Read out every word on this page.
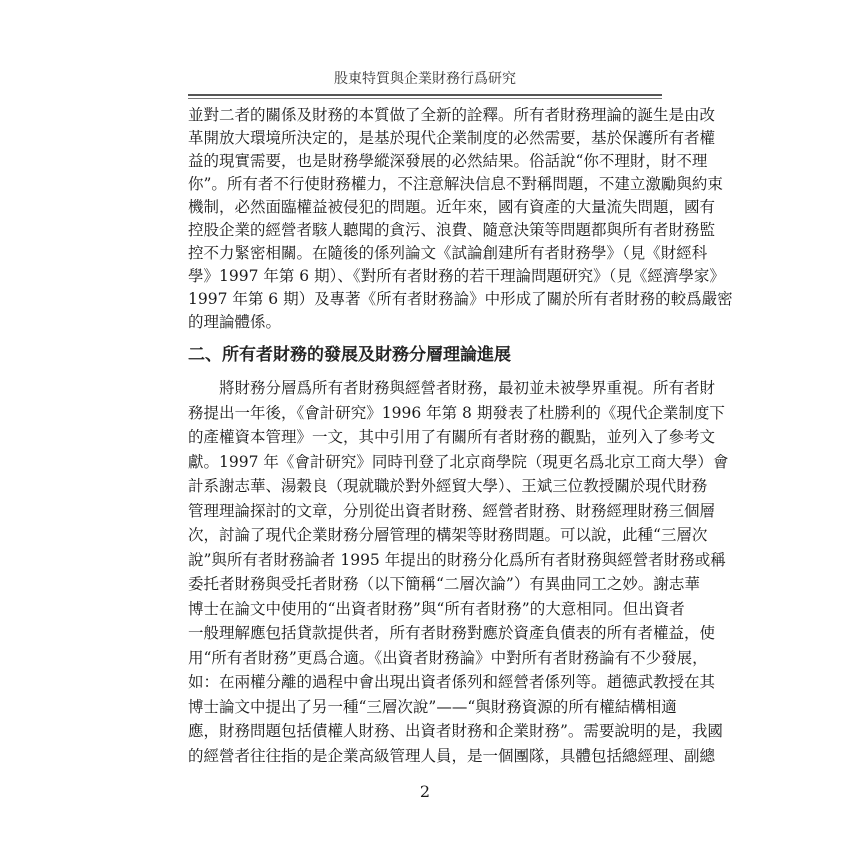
股東特質與企業財務行爲研究
並對二者的關係及財務的本質做了全新的詮釋。所有者財務理論的誕生是由改
革開放大環境所決定的，是基於現代企業制度的必然需要，基於保護所有者權
益的現實需要，也是財務學縱深發展的必然結果。俗話說“你不理財，財不理
你”。所有者不行使財務權力，不注意解決信息不對稱問題，不建立激勵與約束
機制，必然面臨權益被侵犯的問題。近年來，國有資產的大量流失問題，國有
控股企業的經營者駭人聽聞的貪污、浪費、隨意決策等問題都與所有者財務監
控不力緊密相關。在隨後的係列論文《試論創建所有者財務學》（見《財經科
學》1997 年第 6 期）、《對所有者財務的若干理論問題研究》（見《經濟學家》
1997 年第 6 期）及專著《所有者財務論》中形成了關於所有者財務的較爲嚴密
的理論體係。
二、所有者財務的發展及財務分層理論進展
將財務分層爲所有者財務與經營者財務，最初並未被學界重視。所有者財
務提出一年後，《會計研究》1996 年第 8 期發表了杜勝利的《現代企業制度下
的產權資本管理》一文，其中引用了有關所有者財務的觀點，並列入了參考文
獻。1997 年《會計研究》同時刊登了北京商學院（現更名爲北京工商大學）會
計系謝志華、湯穀良（現就職於對外經貿大學）、王斌三位教授關於現代財務
管理理論探討的文章，分別從出資者財務、經營者財務、財務經理財務三個層
次，討論了現代企業財務分層管理的構架等財務問題。可以說，此種“三層次
說”與所有者財務論者 1995 年提出的財務分化爲所有者財務與經營者財務或稱
委托者財務與受托者財務（以下簡稱“二層次論”）有異曲同工之妙。謝志華
博士在論文中使用的“出資者財務”與“所有者財務”的大意相同。但出資者
一般理解應包括貸款提供者，所有者財務對應於資產負債表的所有者權益，使
用“所有者財務”更爲合適。《出資者財務論》中對所有者財務論有不少發展，
如：在兩權分離的過程中會出現出資者係列和經營者係列等。趙德武教授在其
博士論文中提出了另一種“三層次說”——“與財務資源的所有權結構相適
應，財務問題包括債權人財務、出資者財務和企業財務”。需要說明的是，我國
的經營者往往指的是企業高級管理人員，是一個團隊，具體包括總經理、副總
2
